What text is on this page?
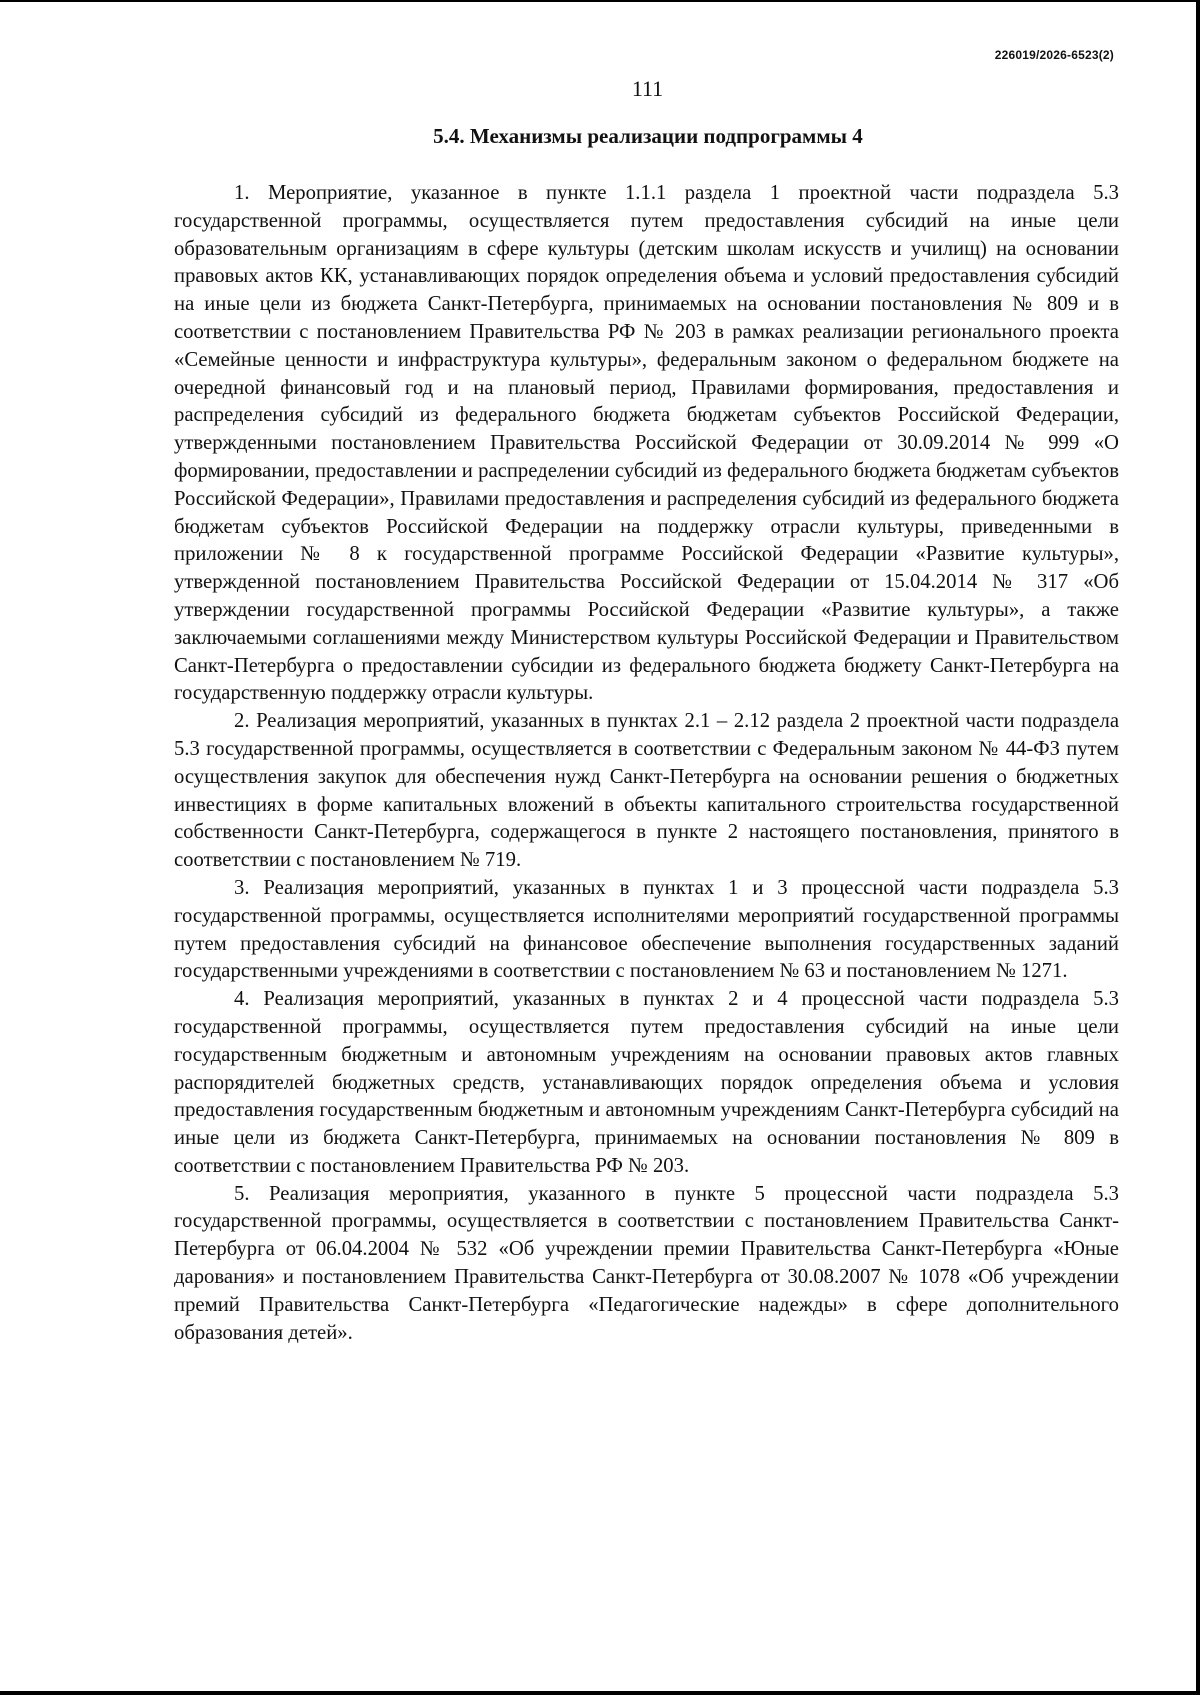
226019/2026-6523(2)
111
5.4. Механизмы реализации подпрограммы 4

1. Мероприятие, указанное в пункте 1.1.1 раздела 1 проектной части подраздела 5.3 государственной программы, осуществляется путем предоставления субсидий на иные цели образовательным организациям в сфере культуры (детским школам искусств и училищ) на основании правовых актов КК, устанавливающих порядок определения объема и условий предоставления субсидий на иные цели из бюджета Санкт-Петербурга, принимаемых на основании постановления № 809 и в соответствии с постановлением Правительства РФ № 203 в рамках реализации регионального проекта «Семейные ценности и инфраструктура культуры», федеральным законом о федеральном бюджете на очередной финансовый год и на плановый период, Правилами формирования, предоставления и распределения субсидий из федерального бюджета бюджетам субъектов Российской Федерации, утвержденными постановлением Правительства Российской Федерации от 30.09.2014 № 999 «О формировании, предоставлении и распределении субсидий из федерального бюджета бюджетам субъектов Российской Федерации», Правилами предоставления и распределения субсидий из федерального бюджета бюджетам субъектов Российской Федерации на поддержку отрасли культуры, приведенными в приложении № 8 к государственной программе Российской Федерации «Развитие культуры», утвержденной постановлением Правительства Российской Федерации от 15.04.2014 № 317 «Об утверждении государственной программы Российской Федерации «Развитие культуры», а также заключаемыми соглашениями между Министерством культуры Российской Федерации и Правительством Санкт-Петербурга о предоставлении субсидии из федерального бюджета бюджету Санкт-Петербурга на государственную поддержку отрасли культуры.

2. Реализация мероприятий, указанных в пунктах 2.1 – 2.12 раздела 2 проектной части подраздела 5.3 государственной программы, осуществляется в соответствии с Федеральным законом № 44-ФЗ путем осуществления закупок для обеспечения нужд Санкт-Петербурга на основании решения о бюджетных инвестициях в форме капитальных вложений в объекты капитального строительства государственной собственности Санкт-Петербурга, содержащегося в пункте 2 настоящего постановления, принятого в соответствии с постановлением № 719.

3. Реализация мероприятий, указанных в пунктах 1 и 3 процессной части подраздела 5.3 государственной программы, осуществляется исполнителями мероприятий государственной программы путем предоставления субсидий на финансовое обеспечение выполнения государственных заданий государственными учреждениями в соответствии с постановлением № 63 и постановлением № 1271.

4. Реализация мероприятий, указанных в пунктах 2 и 4 процессной части подраздела 5.3 государственной программы, осуществляется путем предоставления субсидий на иные цели государственным бюджетным и автономным учреждениям на основании правовых актов главных распорядителей бюджетных средств, устанавливающих порядок определения объема и условия предоставления государственным бюджетным и автономным учреждениям Санкт-Петербурга субсидий на иные цели из бюджета Санкт-Петербурга, принимаемых на основании постановления № 809 в соответствии с постановлением Правительства РФ № 203.

5. Реализация мероприятия, указанного в пункте 5 процессной части подраздела 5.3 государственной программы, осуществляется в соответствии с постановлением Правительства Санкт-Петербурга от 06.04.2004 № 532 «Об учреждении премии Правительства Санкт-Петербурга «Юные дарования» и постановлением Правительства Санкт-Петербурга от 30.08.2007 № 1078 «Об учреждении премий Правительства Санкт-Петербурга «Педагогические надежды» в сфере дополнительного образования детей».
